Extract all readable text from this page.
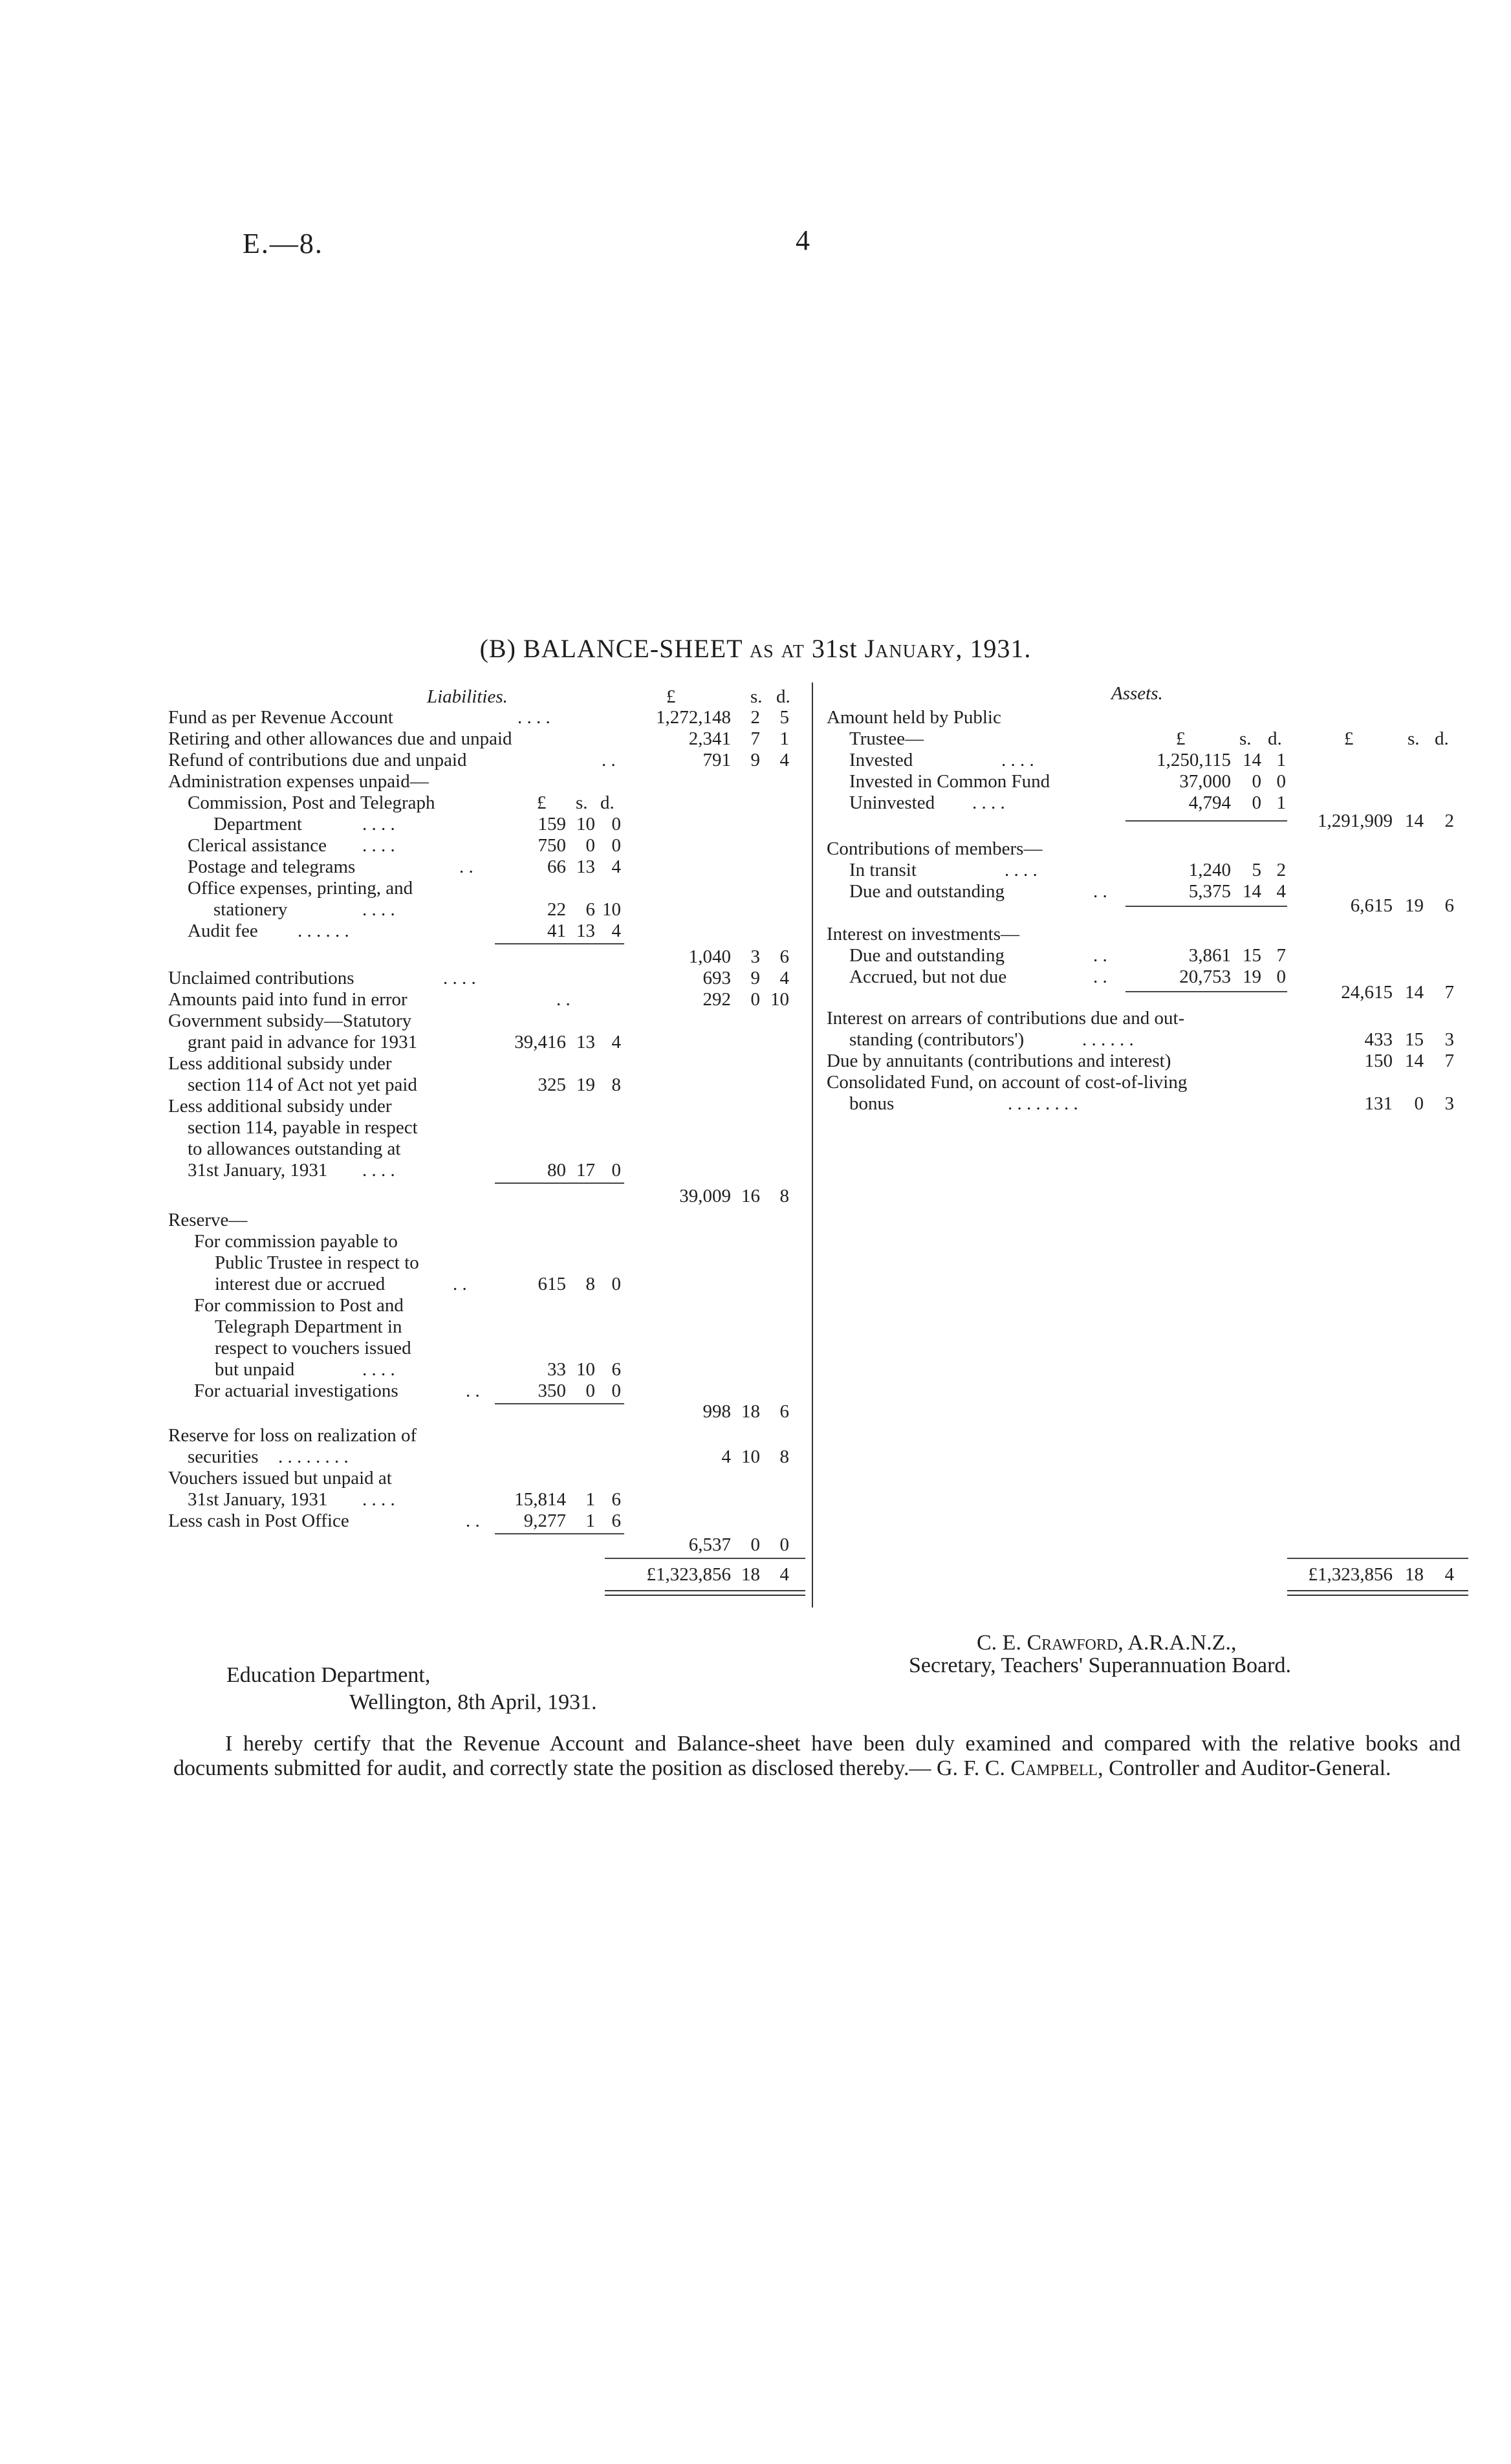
E.—8.	4
(B) BALANCE-SHEET as at 31st January, 1931.
Liabilities.	£	s. d.
Fund as per Revenue Account	. . . .	1,272,148 2 5
Retiring and other allowances due and unpaid	2,341 7 1
Refund of contributions due and unpaid	. .	791 9 4
Administration expenses unpaid—
Commission, Post and Telegraph	£ s. d.
Department	. . . .	159 10 0
Clerical assistance . . . .	750 0 0
Postage and telegrams	. .	66 13 4
Office expenses, printing, and
stationery	. . . .	22 6 10
Audit fee . . . . . .	41 13 4
1,040 3 6
Unclaimed contributions	. . . .	693 9 4
Amounts paid into fund in error	. .	292 0 10
Government subsidy—Statutory
grant paid in advance for 1931	39,416 13 4
Less additional subsidy under
section 114 of Act not yet paid	325 19 8
Less additional subsidy under
section 114, payable in respect
to allowances outstanding at
31st January, 1931 . . . .	80 17 0
39,009 16 8
Reserve—
For commission payable to
Public Trustee in respect to
interest due or accrued	. .	615 8 0
For commission to Post and
Telegraph Department in
respect to vouchers issued
but unpaid	. . . .	33 10 6
For actuarial investigations	. .	350 0 0
998 18 6
Reserve for loss on realization of
securities . . . . . . . .	4 10 8
Vouchers issued but unpaid at
31st January, 1931 . . . .	15,814 1 6
Less cash in Post Office	. . 9,277 1 6
6,537 0 0
£1,323,856 18 4
Assets.
Amount held by Public
Trustee—	£	s. d.	£	s. d.
Invested	. . . .	1,250,115 14 1
Invested in Common Fund	37,000 0 0
Uninvested . . . .	4,794 0 1
1,291,909 14 2
Contributions of members—
In transit	. . . .	1,240 5 2
Due and outstanding	. .	5,375 14 4
6,615 19 6
Interest on investments—
Due and outstanding	. .	3,861 15 7
Accrued, but not due	. .	20,753 19 0
24,615 14 7
Interest on arrears of contributions due and out-
standing (contributors')	. . . . . .	433 15 3
Due by annuitants (contributions and interest)	150 14 7
Consolidated Fund, on account of cost-of-living
bonus	. . . . . . . .	131 0 3
£1,323,856 18 4
C. E. Crawford, A.R.A.N.Z.,
Secretary, Teachers' Superannuation Board.
Education Department,
Wellington, 8th April, 1931.
I hereby certify that the Revenue Account and Balance-sheet have been duly examined and compared with the relative books and documents submitted for audit, and correctly state the position as disclosed thereby.— G. F. C. Campbell, Controller and Auditor-General.
